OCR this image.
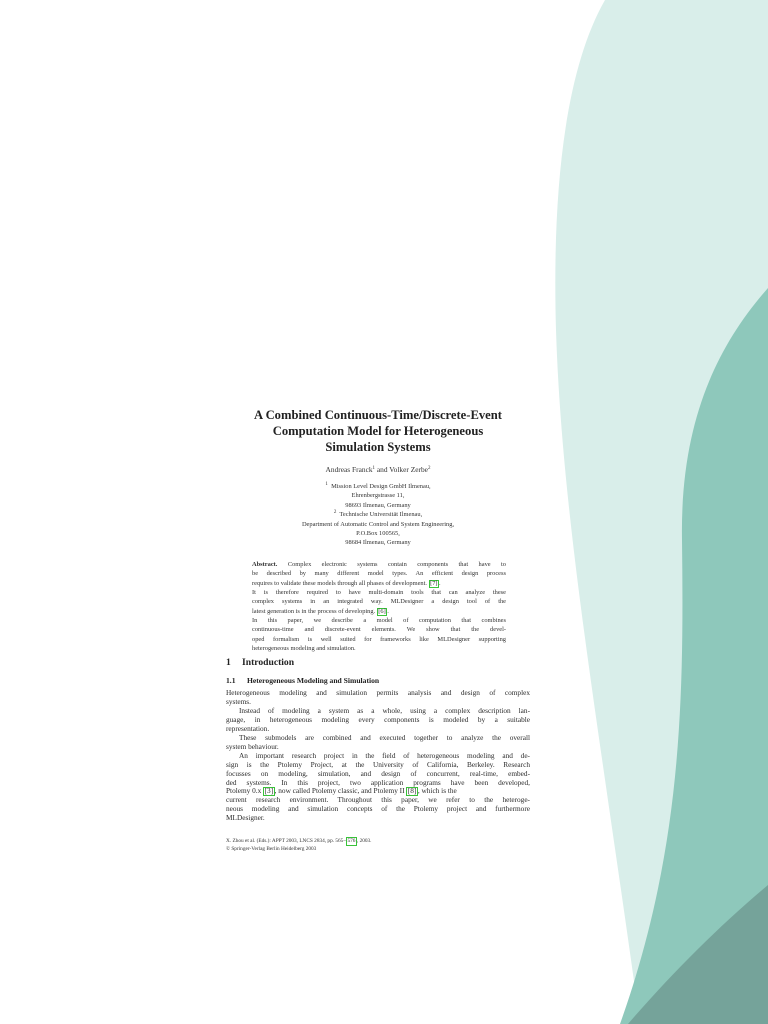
A Combined Continuous-Time/Discrete-Event
Computation Model for Heterogeneous
Simulation Systems
Andreas Franck$^1$ and Volker Zerbe$^2$
$^1$ Mission Level Design GmbH Ilmenau,
Ehrenbergstrasse 11,
98693 Ilmenau, Germany
$^2$ Technische Universität Ilmenau,
Department of Automatic Control and System Engineering,
P.O.Box 100565,
98684 Ilmenau, Germany
Abstract. Complex electronic systems contain components that have to
be described by many different model types. An efficient design process
requires to validate these models through all phases of development. [7] .
It is therefore required to have multi-domain tools that can analyze these
complex systems in an integrated way. MLDesigner a design tool of the
latest generation is in the process of developing. [6] .
In this paper, we describe a model of computation that combines
continuous-time and discrete-event elements. We show that the devel-
oped formalism is well suited for frameworks like MLDesigner supporting
heterogeneous modeling and simulation.
1 Introduction
1.1 Heterogeneous Modeling and Simulation
Heterogeneous modeling and simulation permits analysis and design of complex
systems.
Instead of modeling a system as a whole, using a complex description lan-
guage, in heterogeneous modeling every components is modeled by a suitable
representation.
These submodels are combined and executed together to analyze the overall
system behaviour.
An important research project in the field of heterogeneous modeling and de-
sign is the Ptolemy Project, at the University of California, Berkeley. Research
focusses on modeling, simulation, and design of concurrent, real-time, embed-
ded systems. In this project, two application programs have been developed,
Ptolemy 0.x [3] , now called Ptolemy classic, and Ptolemy II [8] , which is the
current research environment. Throughout this paper, we refer to the heteroge-
neous modeling and simulation concepts of the Ptolemy project and furthermore
MLDesigner.
X. Zhou et al. (Eds.): APPT 2003, LNCS 2834, pp. 565– 576 , 2003.
© Springer-Verlag Berlin Heidelberg 2003
